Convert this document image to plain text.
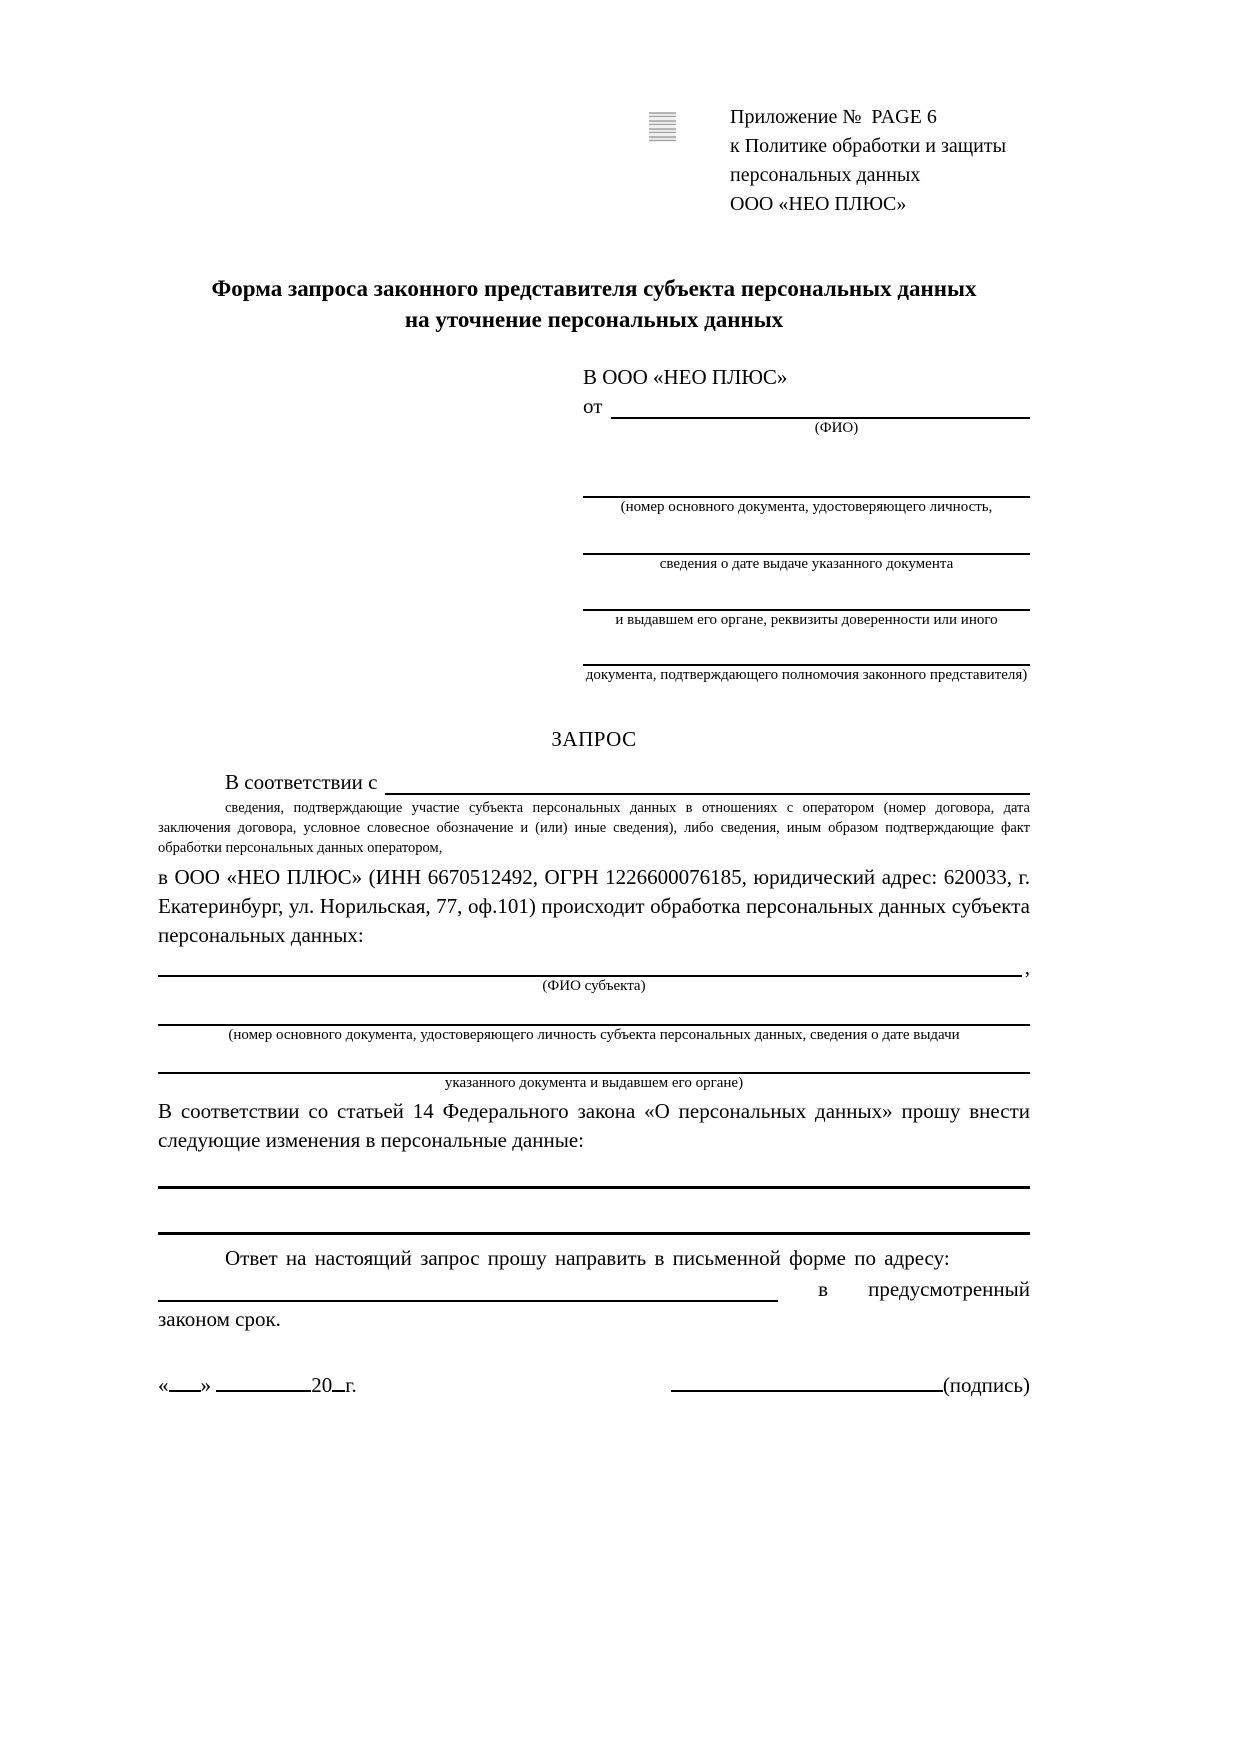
Приложение №  PAGE 6
к Политике обработки и защиты
персональных данных
ООО «НЕО ПЛЮС»
Форма запроса законного представителя субъекта персональных данных
на уточнение персональных данных
В ООО «НЕО ПЛЮС»
от
(ФИО)
(номер основного документа, удостоверяющего личность,
сведения о дате выдаче указанного документа
и выдавшем его органе, реквизиты доверенности или иного
документа, подтверждающего полномочия законного представителя)
ЗАПРОС
В соответствии с
сведения, подтверждающие участие субъекта персональных данных в отношениях с оператором (номер договора, дата заключения договора, условное словесное обозначение и (или) иные сведения), либо сведения, иным образом подтверждающие факт обработки персональных данных оператором,
в ООО «НЕО ПЛЮС» (ИНН 6670512492, ОГРН 1226600076185, юридический адрес: 620033, г. Екатеринбург, ул. Норильская, 77, оф.101) происходит обработка персональных данных субъекта персональных данных:
,
(ФИО субъекта)
(номер основного документа, удостоверяющего личность субъекта персональных данных, сведения о дате выдачи
указанного документа и выдавшем его органе)
В соответствии со статьей 14 Федерального закона «О персональных данных» прошу внести следующие изменения в персональные данные:
Ответ на настоящий запрос прошу направить в письменной форме по адресу:
в предусмотренный
законом срок.
« »	20 г.	(подпись)
